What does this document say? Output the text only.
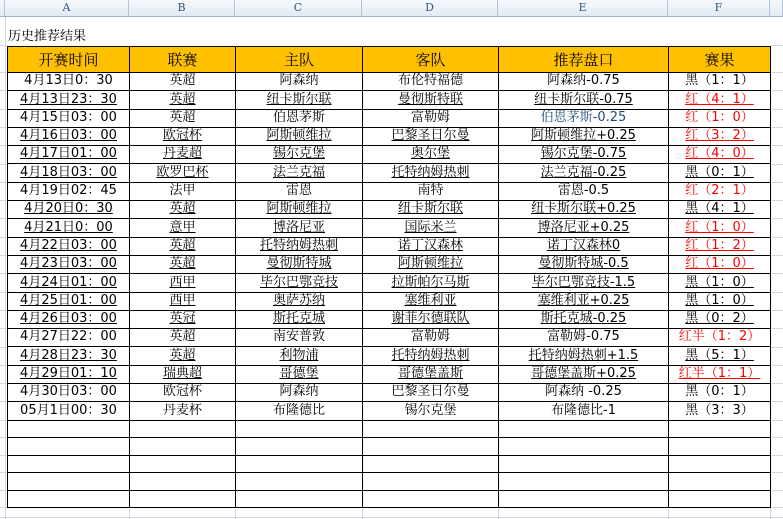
A	B	C	D	E	F
历史推荐结果
开赛时间	联赛	主队	客队	推荐盘口	赛果
4月13日0：30	英超	阿森纳	布伦特福德	阿森纳-0.75	黑（1：1）
4月13日23：30	英超	纽卡斯尔联	曼彻斯特联	纽卡斯尔联-0.75	红（4：1）
4月15日03：00	英超	伯恩茅斯	富勒姆	伯恩茅斯-0.25	红（1：0）
4月16日03：00	欧冠杯	阿斯顿维拉	巴黎圣日尔曼	阿斯顿维拉+0.25	红（3：2）
4月17日01：00	丹麦超	锡尔克堡	奥尔堡	锡尔克堡-0.75	红（4：0）
4月18日03：00	欧罗巴杯	法兰克福	托特纳姆热刺	法兰克福-0.25	黑（0：1）
4月19日02：45	法甲	雷恩	南特	雷恩-0.5	红（2：1）
4月20日0：30	英超	阿斯顿维拉	纽卡斯尔联	纽卡斯尔联+0.25	黑（4：1）
4月21日0：00	意甲	博洛尼亚	国际米兰	博洛尼亚+0.25	红（1：0）
4月22日03：00	英超	托特纳姆热刺	诺丁汉森林	诺丁汉森林0	红（1：2）
4月23日03：00	英超	曼彻斯特城	阿斯顿维拉	曼彻斯特城-0.5	红（1：0）
4月24日01：00	西甲	毕尔巴鄂竞技	拉斯帕尔马斯	毕尔巴鄂竞技-1.5	黑（1：0）
4月25日01：00	西甲	奥萨苏纳	塞维利亚	塞维利亚+0.25	黑（1：0）
4月26日03：00	英冠	斯托克城	谢菲尔德联队	斯托克城-0.25	黑（0：2）
4月27日22：00	英超	南安普敦	富勒姆	富勒姆-0.75	红半（1：2）
4月28日23：30	英超	利物浦	托特纳姆热刺	托特纳姆热刺+1.5	黑（5：1）
4月29日01：10	瑞典超	哥德堡	哥德堡盖斯	哥德堡盖斯+0.25	红半（1：1）
4月30日03：00	欧冠杯	阿森纳	巴黎圣日尔曼	阿森纳 -0.25	黑（0：1）
05月1日00：30	丹麦杯	布隆德比	锡尔克堡	布隆德比-1	黑（3：3）
